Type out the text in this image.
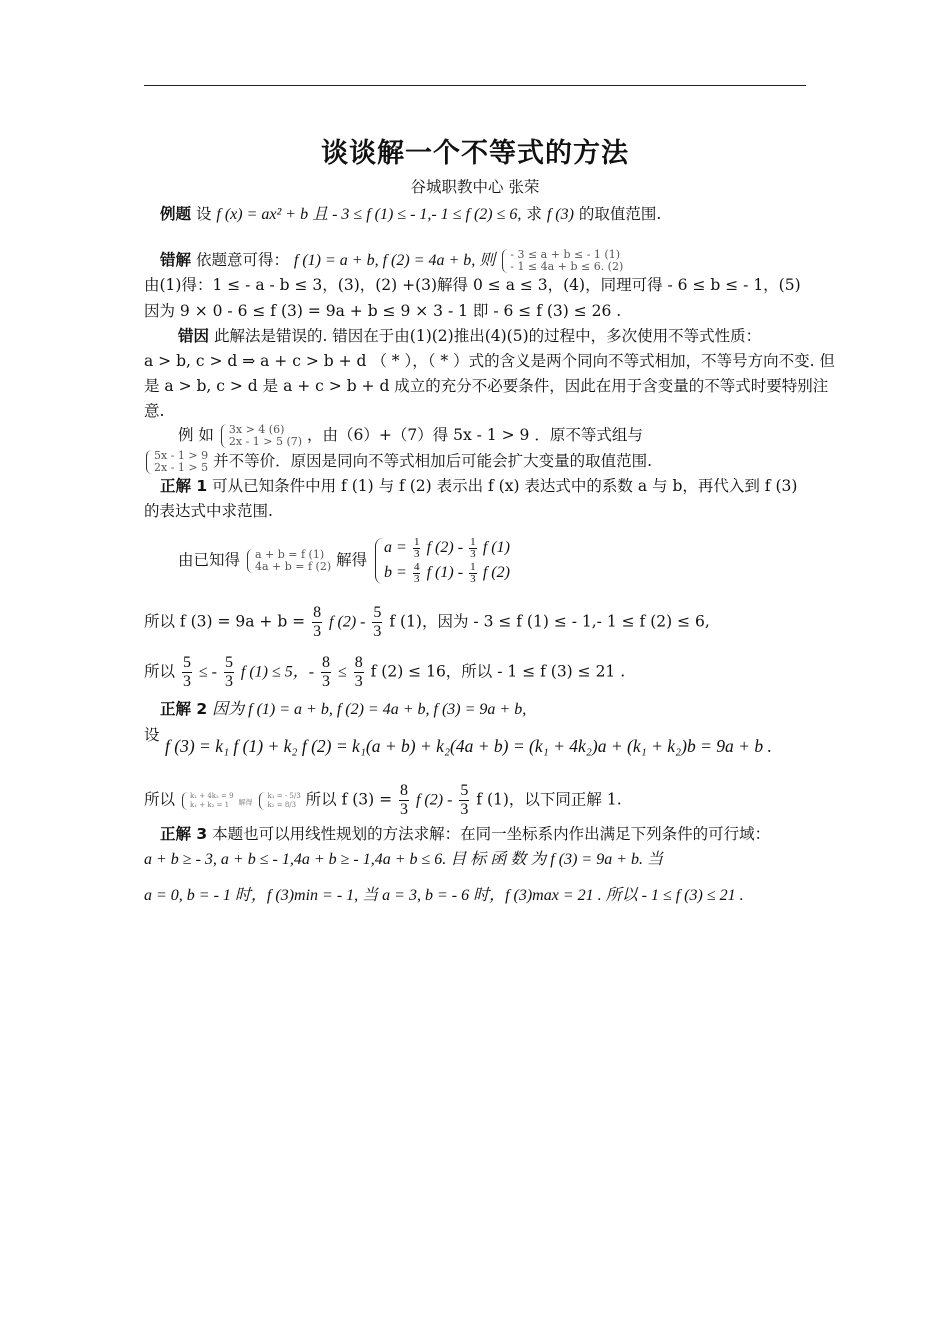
谈谈解一个不等式的方法
谷城职教中心 张荣
例题 设 f (x) = ax² + b 且 - 3 ≤ f (1) ≤ - 1,- 1 ≤ f (2) ≤ 6, 求 f (3) 的取值范围.
错解 依题意可得： f (1) = a + b, f (2) = 4a + b, 则 - 3 ≤ a + b ≤ - 1 (1)
- 1 ≤ 4a + b ≤ 6. (2)
由(1)得：1 ≤ - a - b ≤ 3，(3)，(2) +(3)解得 0 ≤ a ≤ 3，(4)，同理可得 - 6 ≤ b ≤ - 1，(5)
因为 9 × 0 - 6 ≤ f (3) = 9a + b ≤ 9 × 3 - 1 即 - 6 ≤ f (3) ≤ 26 .
错因 此解法是错误的. 错因在于由(1)(2)推出(4)(5)的过程中，多次使用不等式性质：
a > b, c > d ⇒ a + c > b + d （ * ），（ * ）式的含义是两个同向不等式相加，不等号方向不变. 但
是 a > b, c > d 是 a + c > b + d 成立的充分不必要条件，因此在用于含变量的不等式时要特别注
意.
例 如 3x > 4 (6)
2x - 1 > 5 (7) ，由（6）+（7）得 5x - 1 > 9 ．原不等式组与
5x - 1 > 9
2x - 1 > 5 并不等价．原因是同向不等式相加后可能会扩大变量的取值范围.
正解 1 可从已知条件中用 f (1) 与 f (2) 表示出 f (x) 表达式中的系数 a 与 b，再代入到 f (3)
的表达式中求范围.
由已知得 a + b = f (1)
4a + b = f (2) 解得
$a = \frac{1}{3}$ f $(2) - \frac{1}{3}$ f (1)
$b = \frac{4}{3}$ f $(1) - \frac{1}{3}$ f (2)
所以 f $(3) = 9a + b = \frac{8}{3}$ f $(2) - \frac{5}{3}$ f (1)，因为 - 3 ≤ f (1) ≤ - 1,- 1 ≤ f (2) ≤ 6,
所以 $\frac{5}{3}$ ≤ - $\frac{5}{3}$ f (1) ≤ 5，- $\frac{8}{3} \le \frac{8}{3}$ f (2) ≤ 16，所以 - 1 ≤ f (3) ≤ 21 .
正解 2 因为 f (1) = a + b, f (2) = 4a + b, f (3) = 9a + b,
设
f (3) = k₁ f (1) + k₂ f (2) = k₁(a + b) + k₂(4a + b) = (k₁ + 4k₂)a + (k₁ + k₂)b = 9a + b .
所以 k₁ + 4k₂ = 9
k₁ + k₂ = 1	解得
k₁ = - 5/3
k₂ = 8/3 所以 f $(3) = \frac{8}{3}$ f $(2) - \frac{5}{3}$ f (1)，以下同正解 1.
正解 3 本题也可以用线性规划的方法求解：在同一坐标系内作出满足下列条件的可行域：
a + b ≥ - 3, a + b ≤ - 1,4a + b ≥ - 1,4a + b ≤ 6. 目 标 函 数 为 f (3) = 9a + b. 当
a = 0, b = - 1 时，f (3)min = - 1, 当 a = 3, b = - 6 时，f (3)max = 21 . 所以 - 1 ≤ f (3) ≤ 21 .
